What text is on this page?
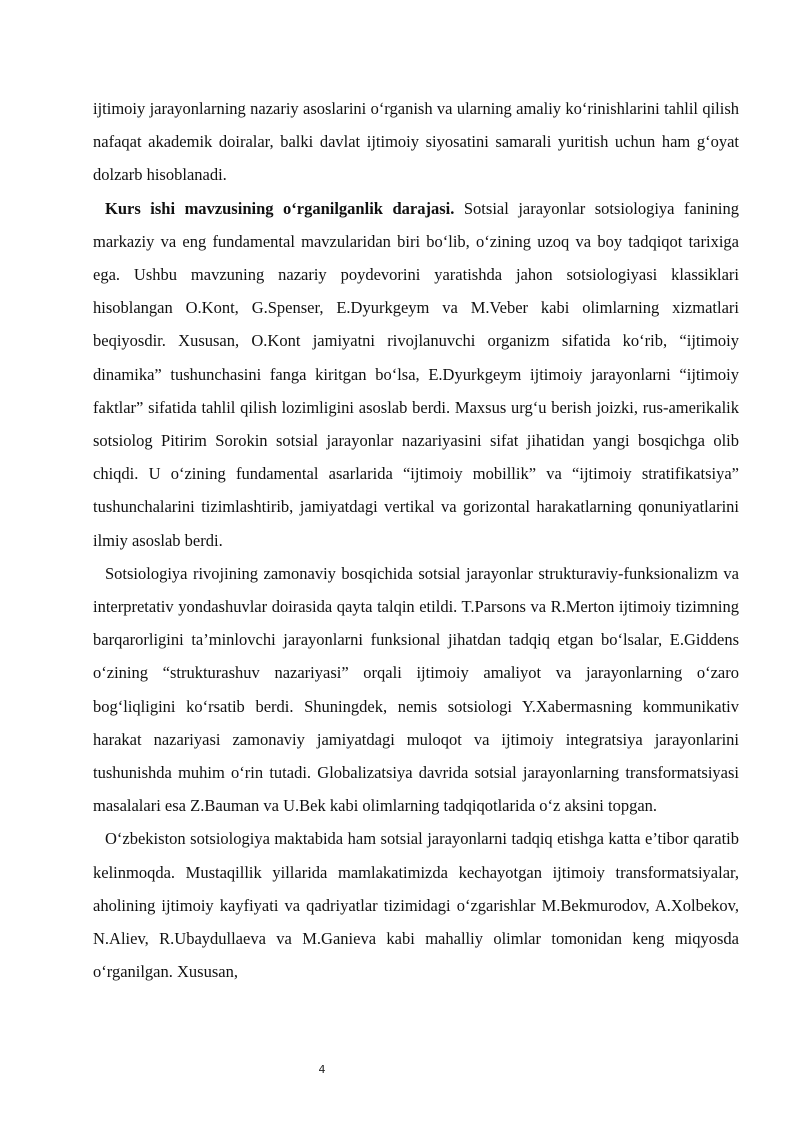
ijtimoiy jarayonlarning nazariy asoslarini o‘rganish va ularning amaliy ko‘rinishlarini tahlil qilish nafaqat akademik doiralar, balki davlat ijtimoiy siyosatini samarali yuritish uchun ham g‘oyat dolzarb hisoblanadi.

Kurs ishi mavzusining o‘rganilganlik darajasi. Sotsial jarayonlar sotsiologiya fanining markaziy va eng fundamental mavzularidan biri bo‘lib, o‘zining uzoq va boy tadqiqot tarixiga ega. Ushbu mavzuning nazariy poydevorini yaratishda jahon sotsiologiyasi klassiklari hisoblangan O.Kont, G.Spenser, E.Dyurkgeym va M.Veber kabi olimlarning xizmatlari beqiyosdir. Xususan, O.Kont jamiyatni rivojlanuvchi organizm sifatida ko‘rib, “ijtimoiy dinamika” tushunchasini fanga kiritgan bo‘lsa, E.Dyurkgeym ijtimoiy jarayonlarni “ijtimoiy faktlar” sifatida tahlil qilish lozimligini asoslab berdi. Maxsus urg‘u berish joizki, rus-amerikalik sotsiolog Pitirim Sorokin sotsial jarayonlar nazariyasini sifat jihatidan yangi bosqichga olib chiqdi. U o‘zining fundamental asarlarida “ijtimoiy mobillik” va “ijtimoiy stratifikatsiya” tushunchalarini tizimlashtirib, jamiyatdagi vertikal va gorizontal harakatlarning qonuniyatlarini ilmiy asoslab berdi.

Sotsiologiya rivojining zamonaviy bosqichida sotsial jarayonlar strukturaviy-funksionalizm va interpretativ yondashuvlar doirasida qayta talqin etildi. T.Parsons va R.Merton ijtimoiy tizimning barqarorligini ta’minlovchi jarayonlarni funksional jihatdan tadqiq etgan bo‘lsalar, E.Giddens o‘zining “strukturashuv nazariyasi” orqali ijtimoiy amaliyot va jarayonlarning o‘zaro bog‘liqligini ko‘rsatib berdi. Shuningdek, nemis sotsiologi Y.Xabermasning kommunikativ harakat nazariyasi zamonaviy jamiyatdagi muloqot va ijtimoiy integratsiya jarayonlarini tushunishda muhim o‘rin tutadi. Globalizatsiya davrida sotsial jarayonlarning transformatsiyasi masalalari esa Z.Bauman va U.Bek kabi olimlarning tadqiqotlarida o‘z aksini topgan.

O‘zbekiston sotsiologiya maktabida ham sotsial jarayonlarni tadqiq etishga katta e’tibor qaratib kelinmoqda. Mustaqillik yillarida mamlakatimizda kechayotgan ijtimoiy transformatsiyalar, aholining ijtimoiy kayfiyati va qadriyatlar tizimidagi o‘zgarishlar M.Bekmurodov, A.Xolbekov, N.Aliev, R.Ubaydullaeva va M.Ganieva kabi mahalliy olimlar tomonidan keng miqyosda o‘rganilgan. Xususan,

4
